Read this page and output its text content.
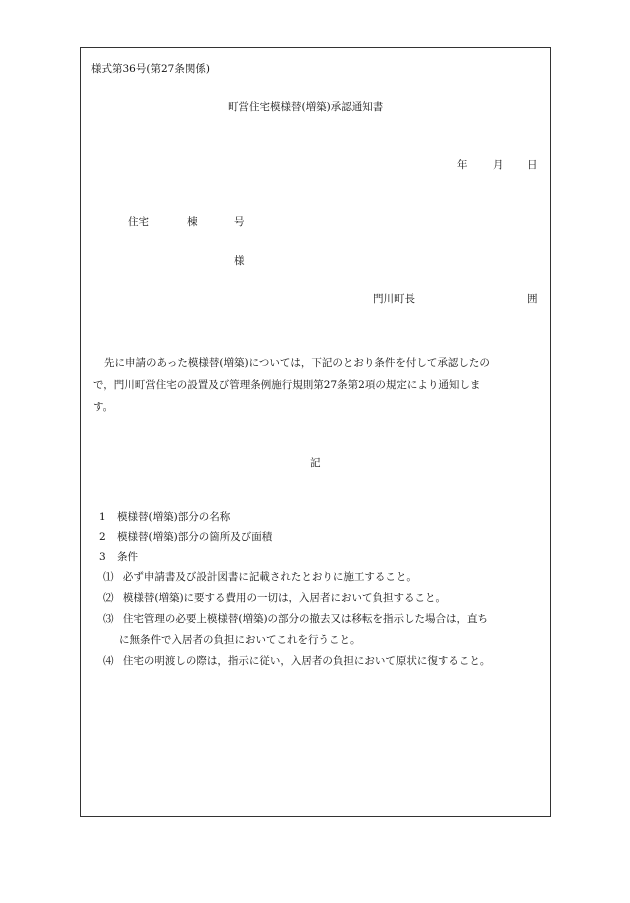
様式第36号(第27条関係)
町営住宅模様替(増築)承認通知書
年 月 日
住宅	棟	号
様
門川町長	囲
先に申請のあった模様替(増築)については，下記のとおり条件を付して承認したの
で，門川町営住宅の設置及び管理条例施行規則第27条第2項の規定により通知しま
す。
記
1 模様替(増築)部分の名称
2 模様替(増築)部分の箇所及び面積
3 条件
⑴ 必ず申請書及び設計図書に記載されたとおりに施工すること。
⑵ 模様替(増築)に要する費用の一切は，入居者において負担すること。
⑶ 住宅管理の必要上模様替(増築)の部分の撤去又は移転を指示した場合は，直ち
に無条件で入居者の負担においてこれを行うこと。
⑷ 住宅の明渡しの際は，指示に従い，入居者の負担において原状に復すること。
